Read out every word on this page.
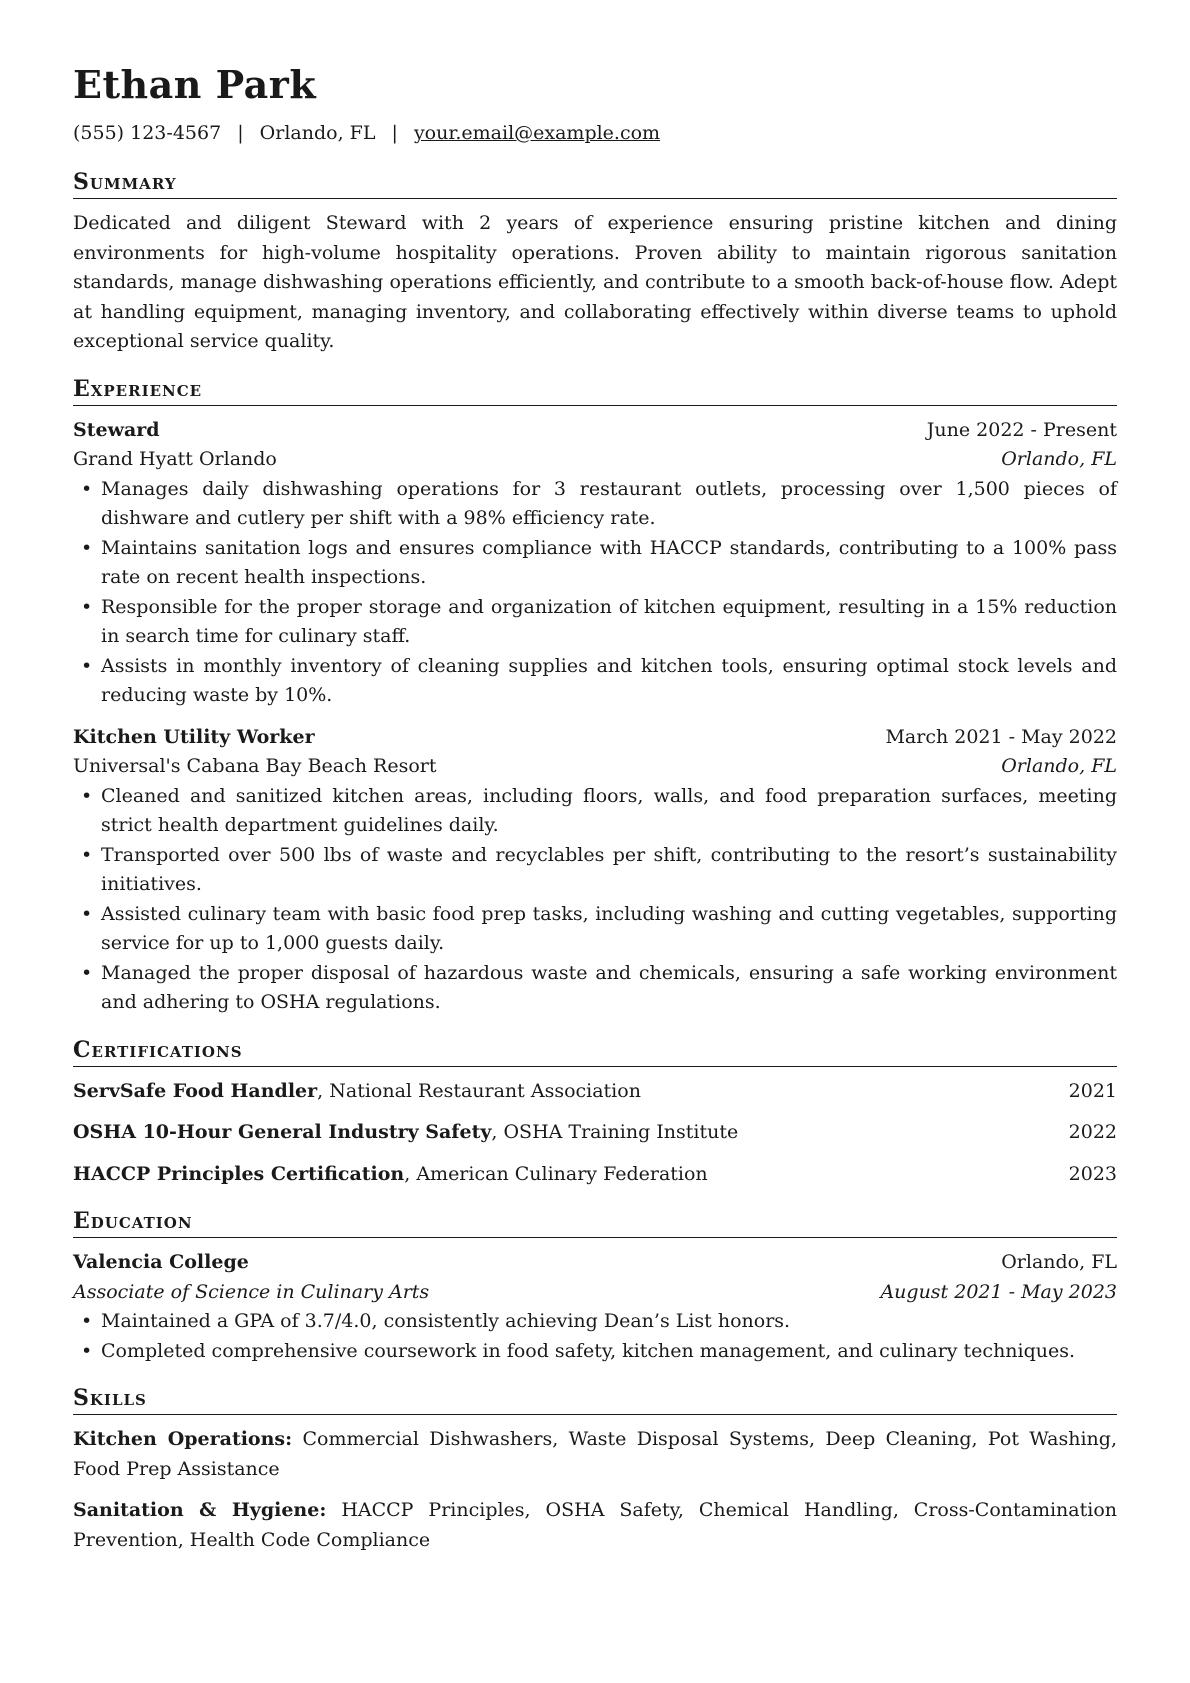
Ethan Park
(555) 123-4567 | Orlando, FL | your.email@example.com
Summary

Dedicated and diligent Steward with 2 years of experience ensuring pristine kitchen and dining environments for high-volume hospitality operations. Proven ability to maintain rigorous sanitation standards, manage dishwashing operations efficiently, and contribute to a smooth back-of-house flow. Adept at handling equipment, managing inventory, and collaborating effectively within diverse teams to uphold exceptional service quality.

Experience
Steward	June 2022 - Present
Grand Hyatt Orlando	Orlando, FL
• Manages daily dishwashing operations for 3 restaurant outlets, processing over 1,500 pieces of dishware and cutlery per shift with a 98% efficiency rate.
• Maintains sanitation logs and ensures compliance with HACCP standards, contributing to a 100% pass rate on recent health inspections.
• Responsible for the proper storage and organization of kitchen equipment, resulting in a 15% reduction in search time for culinary staff.
• Assists in monthly inventory of cleaning supplies and kitchen tools, ensuring optimal stock levels and reducing waste by 10%.
Kitchen Utility Worker	March 2021 - May 2022
Universal's Cabana Bay Beach Resort	Orlando, FL
• Cleaned and sanitized kitchen areas, including floors, walls, and food preparation surfaces, meeting strict health department guidelines daily.
• Transported over 500 lbs of waste and recyclables per shift, contributing to the resort’s sustainability initiatives.
• Assisted culinary team with basic food prep tasks, including washing and cutting vegetables, supporting service for up to 1,000 guests daily.
• Managed the proper disposal of hazardous waste and chemicals, ensuring a safe working environment and adhering to OSHA regulations.
Certifications
ServSafe Food Handler, National Restaurant Association	2021
OSHA 10-Hour General Industry Safety, OSHA Training Institute	2022
HACCP Principles Certification, American Culinary Federation	2023
Education
Valencia College	Orlando, FL
Associate of Science in Culinary Arts	August 2021 - May 2023
• Maintained a GPA of 3.7/4.0, consistently achieving Dean’s List honors.
• Completed comprehensive coursework in food safety, kitchen management, and culinary techniques.
Skills
Kitchen Operations: Commercial Dishwashers, Waste Disposal Systems, Deep Cleaning, Pot Washing, Food Prep Assistance
Sanitation & Hygiene: HACCP Principles, OSHA Safety, Chemical Handling, Cross-Contamination Prevention, Health Code Compliance
